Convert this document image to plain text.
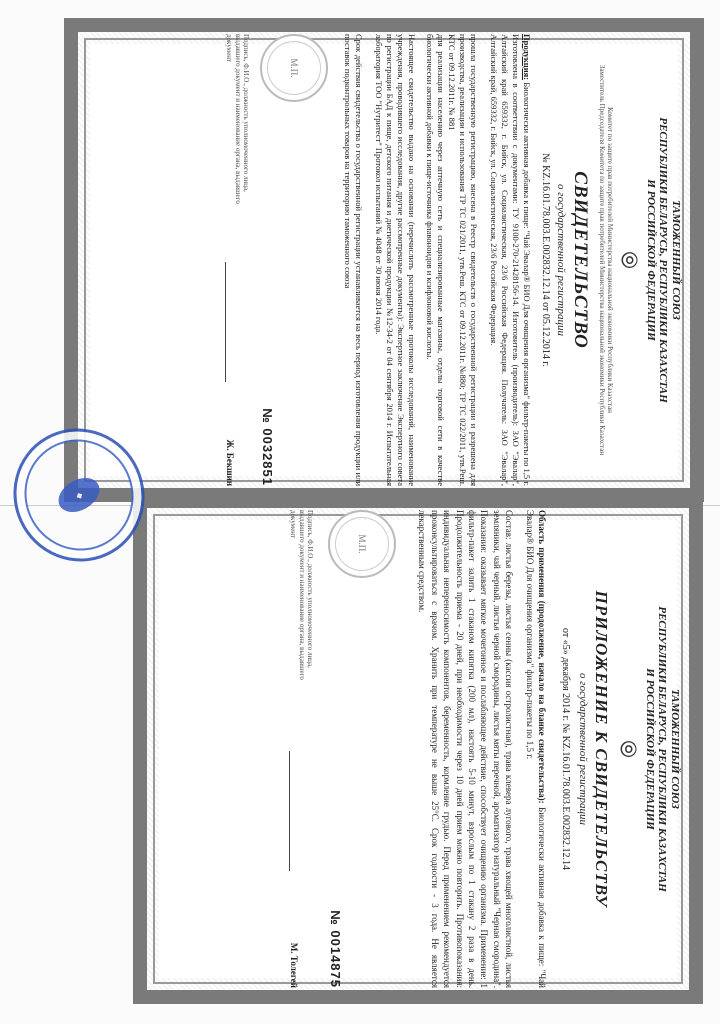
ТАМОЖЕННЫЙ СОЮЗ
РЕСПУБЛИКИ БЕЛАРУСЬ, РЕСПУБЛИКИ КАЗАХСТАН
И РОССИЙСКОЙ ФЕДЕРАЦИИ
⦾
Комитет по защите прав потребителей Министерства национальной экономики Республики Казахстан
Заместитель Председателя Комитета по защите прав потребителей Министерства национальной экономики Республики Казахстан
СВИДЕТЕЛЬСТВО
о государственной регистрации
№ KZ.16.01.78.003.Е.002832.12.14 от 05.12.2014 г.
Продукция: Биологически активная добавка к пище: "Чай Эвалар® БИО Для очищения организма" фильтр-пакеты по 1,5 г. Изготовлена в соответствии с документами: ТУ 9100-270-21428156-14. Изготовитель (производитель): ЗАО "Эвалар", Алтайский край 659332, г. Бийск, ул. Социалистическая, 23/6 Российская Федерация. Получатель: ЗАО "Эвалар", Алтайский край, 659332, г. Бийск, ул. Социалистическая, 23/6 Российская Федерация.
прошла государственную регистрацию, внесена в Реестр свидетельств о государственной регистрации и разрешена для производства, реализации и использования ТР ТС 021/2011, утв.Реш. КТС от 09.12.2011г. №880; ТР ТС 022/2011, утв.Реш. КТС от 09.12.2011г. № 881
для реализации населению через аптечную сеть и специализированные магазины, отделы торговой сети в качестве биологически активной добавки к пище-источника флавоноидов и ксифлоновой кислоты.
Настоящее свидетельство выдано на основании (перечислить рассмотренные протоколы исследований, наименование учреждения, проводившего исследования, другие рассмотренные документы): Экспертное заключение Экспертного совета по регистрации БАД к пище, детского питания и диетической продукции №12-34-2 от 04 сентября 2014 г. Испытательная лаборатория ТОО "Нутритест" Протокол испытаний № 4048 от 30 июня 2014 года.
Срок действия свидетельства о государственной регистрации устанавливается на весь период изготовления продукции или поставок подконтрольных товаров на территорию таможенного союза
М.П.
№ 0032851
Подпись, Ф.И.О., должность уполномоченного лица, выдавшего документ и наименование органа, выдавшего документ
Ж. Бекшин
ТАМОЖЕННЫЙ СОЮЗ
РЕСПУБЛИКИ БЕЛАРУСЬ, РЕСПУБЛИКИ КАЗАХСТАН
И РОССИЙСКОЙ ФЕДЕРАЦИИ
⦾
ПРИЛОЖЕНИЕ К СВИДЕТЕЛЬСТВУ
о государственной регистрации
от «5» декабря 2014 г. № KZ.16.01.78.003.Е.002832.12.14
Область применения (продолжение, начало на бланке свидетельства): Биологически активная добавка к пище: "Чай Эвалар® БИО Для очищения организма" фильтр-пакеты по 1,5 г.
Состав: листья березы, листья сенны (кассия остролистная), трава клевера лугового, трава хвощей многолистной, листья земляники, чай черный, листья черной смородины, листья мяты перечной, ароматизатор натуральный "Черная смородина". Показания: оказывает мягкое мочегонное и послабляющее действие, способствует очищению организма. Применение: 1 фильтр-пакет залить 1 стаканом кипятка (200 мл), настоять 5-10 минут, взрослым по 1 стакану 2 раза в день. Продолжительность приема - 20 дней, при необходимости через 10 дней прием можно повторить. Противопоказания: индивидуальная непереносимость компонентов, беременность, кормление грудью. Перед применением рекомендуется проконсультироваться с врачом. Хранить при температуре не выше 25°С. Срок годности - 3 года. Не является лекарственным средством.
М.П.
№ 0014875
Подпись, Ф.И.О., должность уполномоченного лица, выдавшего документ и наименование органа, выдавшего документ
М. Толегей
◆
